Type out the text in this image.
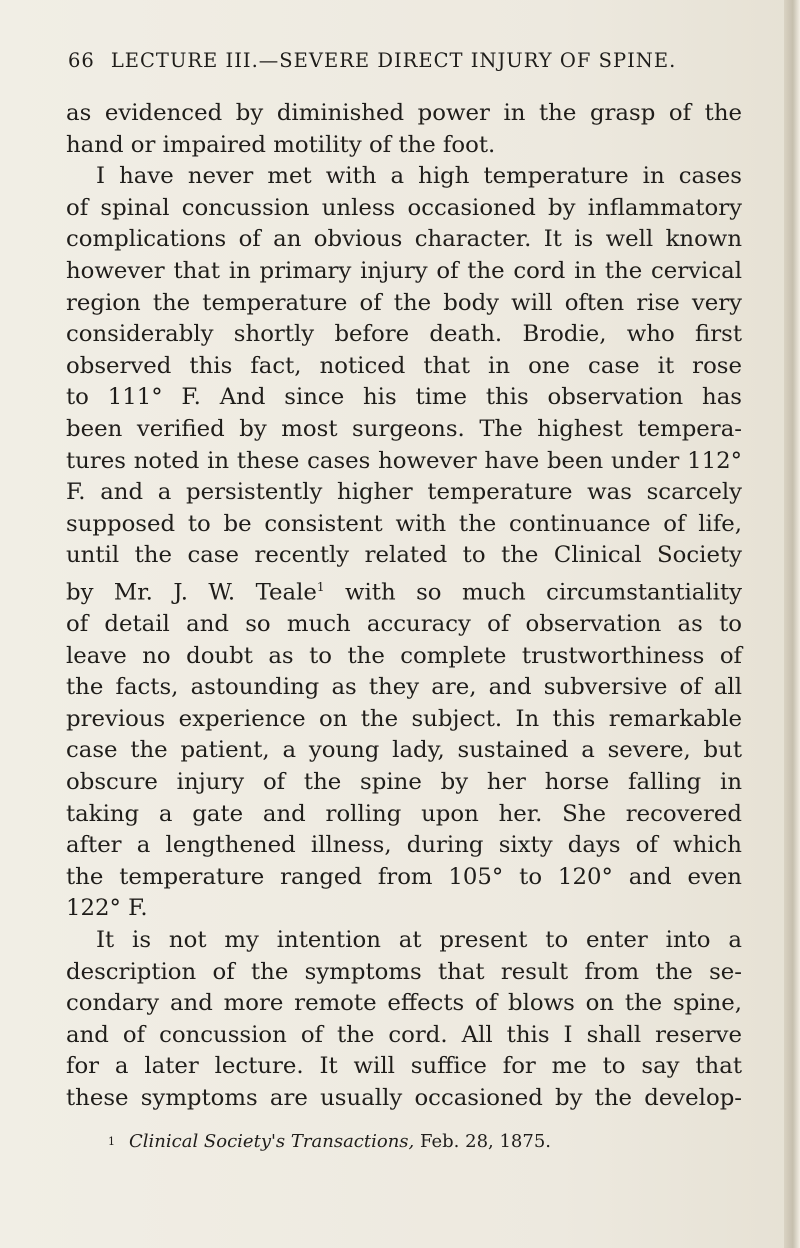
66 LECTURE III.—SEVERE DIRECT INJURY OF SPINE.
as evidenced by diminished power in the grasp of the
hand or impaired motility of the foot.
I have never met with a high temperature in cases
of spinal concussion unless occasioned by inflammatory
complications of an obvious character. It is well known
however that in primary injury of the cord in the cervical
region the temperature of the body will often rise very
considerably shortly before death. Brodie, who first
observed this fact, noticed that in one case it rose
to 111° F. And since his time this observation has
been verified by most surgeons. The highest tempera-
tures noted in these cases however have been under 112°
F. and a persistently higher temperature was scarcely
supposed to be consistent with the continuance of life,
until the case recently related to the Clinical Society
by Mr. J. W. Teale$^1$ with so much circumstantiality
of detail and so much accuracy of observation as to
leave no doubt as to the complete trustworthiness of
the facts, astounding as they are, and subversive of all
previous experience on the subject. In this remarkable
case the patient, a young lady, sustained a severe, but
obscure injury of the spine by her horse falling in
taking a gate and rolling upon her. She recovered
after a lengthened illness, during sixty days of which
the temperature ranged from 105° to 120° and even
122° F.
It is not my intention at present to enter into a
description of the symptoms that result from the se-
condary and more remote effects of blows on the spine,
and of concussion of the cord. All this I shall reserve
for a later lecture. It will suffice for me to say that
these symptoms are usually occasioned by the develop-
1 Clinical Society's Transactions, Feb. 28, 1875.
